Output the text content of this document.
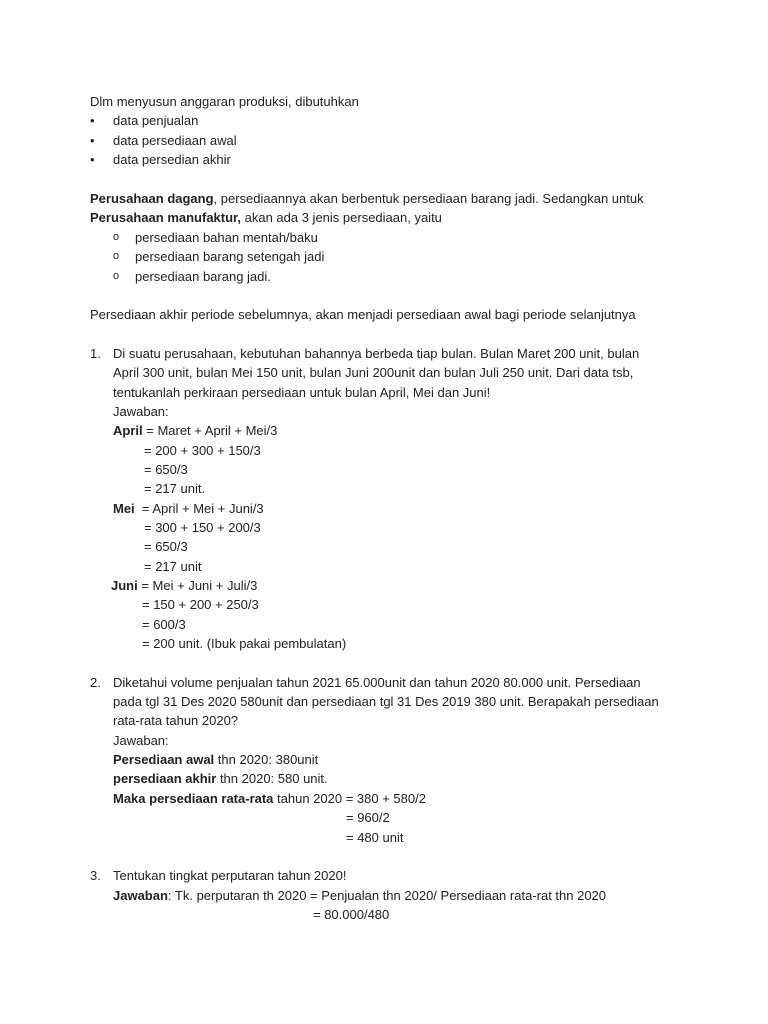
Dlm menyusun anggaran produksi, dibutuhkan
• data penjualan
• data persediaan awal
• data persedian akhir
Perusahaan dagang, persediaannya akan berbentuk persediaan barang jadi. Sedangkan untuk
Perusahaan manufaktur, akan ada 3 jenis persediaan, yaitu
o persediaan bahan mentah/baku
o persediaan barang setengah jadi
o persediaan barang jadi.
Persediaan akhir periode sebelumnya, akan menjadi persediaan awal bagi periode selanjutnya
1. Di suatu perusahaan, kebutuhan bahannya berbeda tiap bulan. Bulan Maret 200 unit, bulan
April 300 unit, bulan Mei 150 unit, bulan Juni 200unit dan bulan Juli 250 unit. Dari data tsb,
tentukanlah perkiraan persediaan untuk bulan April, Mei dan Juni!
Jawaban:
April = Maret + April + Mei/3
= 200 + 300 + 150/3
= 650/3
= 217 unit.
Mei  = April + Mei + Juni/3
= 300 + 150 + 200/3
= 650/3
= 217 unit
Juni = Mei + Juni + Juli/3
= 150 + 200 + 250/3
= 600/3
= 200 unit. (Ibuk pakai pembulatan)
2. Diketahui volume penjualan tahun 2021 65.000unit dan tahun 2020 80.000 unit. Persediaan
pada tgl 31 Des 2020 580unit dan persediaan tgl 31 Des 2019 380 unit. Berapakah persediaan
rata-rata tahun 2020?
Jawaban:
Persediaan awal thn 2020: 380unit
persediaan akhir thn 2020: 580 unit.
Maka persediaan rata-rata tahun 2020 = 380 + 580/2
= 960/2
= 480 unit
3. Tentukan tingkat perputaran tahun 2020!
Jawaban: Tk. perputaran th 2020 = Penjualan thn 2020/ Persediaan rata-rat thn 2020
= 80.000/480
